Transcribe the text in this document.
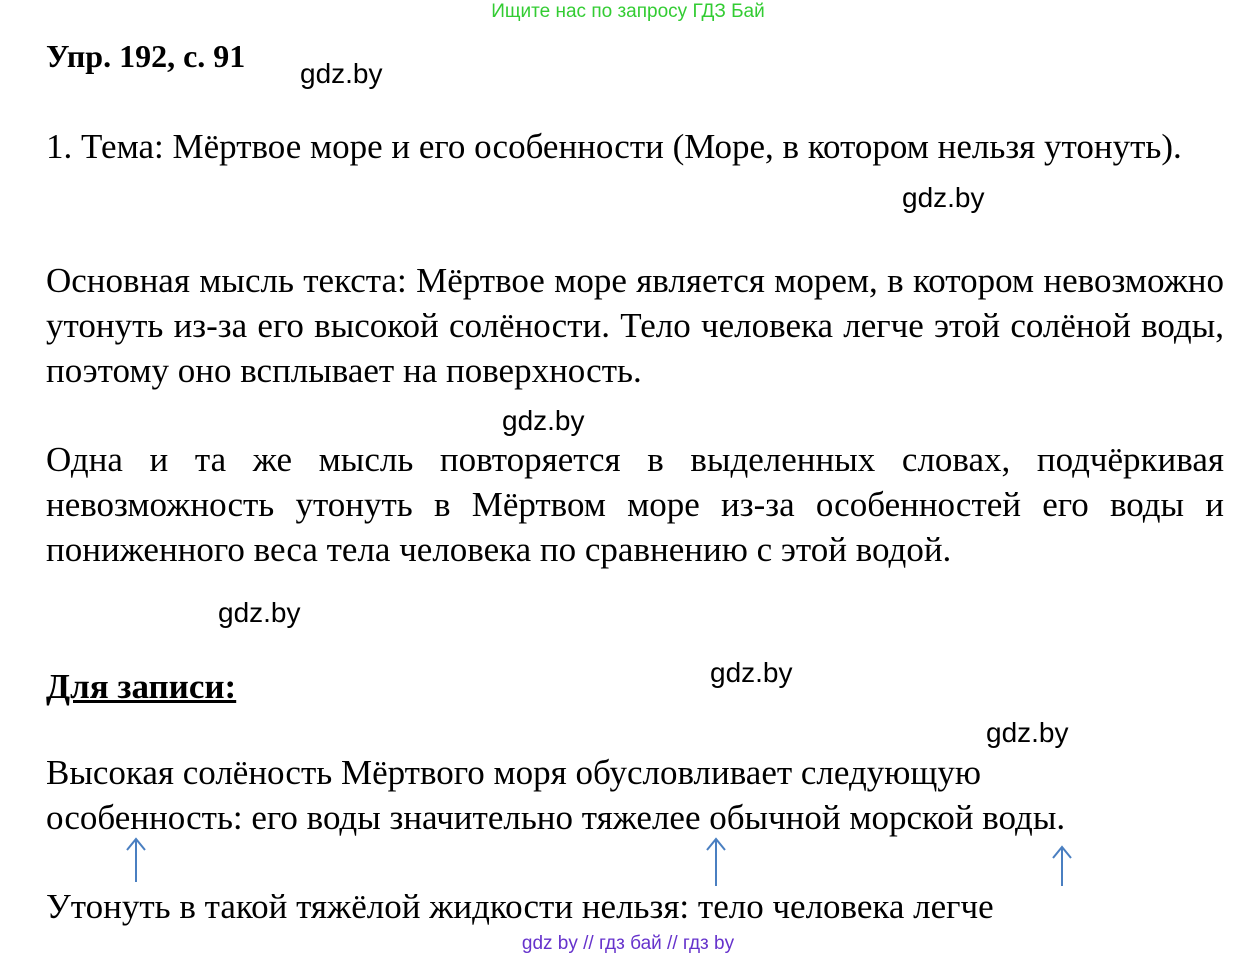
Ищите нас по запросу ГДЗ Бай
Упр. 192, с. 91 gdz.by
1. Тема: Мёртвое море и его особенности (Море, в котором нельзя утонуть).
gdz.by
Основная мысль текста: Мёртвое море является морем, в котором невозможно утонуть из-за его высокой солёности. Тело человека легче этой солёной воды, поэтому оно всплывает на поверхность.
gdz.by
Одна и та же мысль повторяется в выделенных словах, подчёркивая невозможность утонуть в Мёртвом море из-за особенностей его воды и пониженного веса тела человека по сравнению с этой водой.
gdz.by
Для записи:	gdz.by
gdz.by
Высокая солёность Мёртвого моря обусловливает следующую
особенность: его воды значительно тяжелее обычной морской воды.
Утонуть в такой тяжёлой жидкости нельзя: тело человека легче
gdz by // гдз бай // гдз by
